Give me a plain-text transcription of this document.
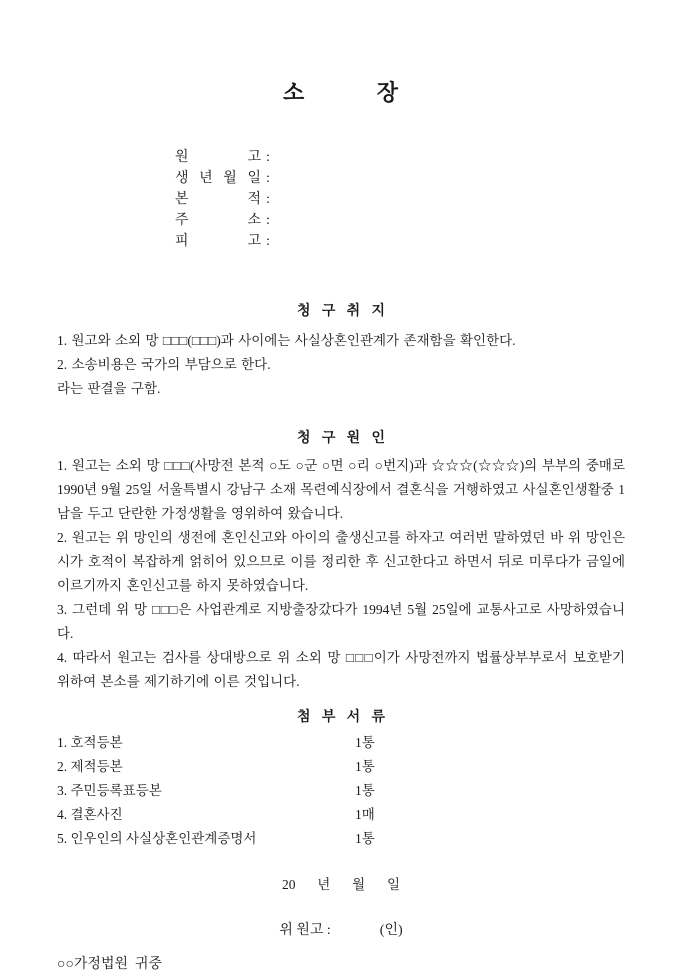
소 장
원 고 :
생 년 월 일 :
본 적 :
주 소 :
피 고 :
청 구 취 지
1. 원고와 소외 망 □□□(□□□)과 사이에는 사실상혼인관계가 존재함을 확인한다.
2. 소송비용은 국가의 부담으로 한다.
라는 판결을 구함.
청 구 원 인

1. 원고는 소외 망 □□□(사망전 본적 ○도 ○군 ○면 ○리 ○번지)과 ☆☆☆(☆☆☆)의 부부의 중매로 1990년 9월 25일 서울특별시 강남구 소재 목련예식장에서 결혼식을 거행하였고 사실혼인생활중 1남을 두고 단란한 가정생활을 영위하여 왔습니다.

2. 원고는 위 망인의 생전에 혼인신고와 아이의 출생신고를 하자고 여러번 말하였던 바 위 망인은 시가 호적이 복잡하게 얽히어 있으므로 이를 정리한 후 신고한다고 하면서 뒤로 미루다가 금일에 이르기까지 혼인신고를 하지 못하였습니다.

3. 그런데 위 망 □□□은 사업관계로 지방출장갔다가 1994년 5월 25일에 교통사고로 사망하였습니다.

4. 따라서 원고는 검사를 상대방으로 위 소외 망 □□□이가 사망전까지 법률상부부로서 보호받기 위하여 본소를 제기하기에 이른 것입니다.

첨 부 서 류
1. 호적등본	1통
2. 제적등본	1통
3. 주민등록표등본	1통
4. 결혼사진	1매
5. 인우인의 사실상혼인관계증명서	1통
20 년 월 일
위 원고 :              (인)
○○가정법원  귀중
